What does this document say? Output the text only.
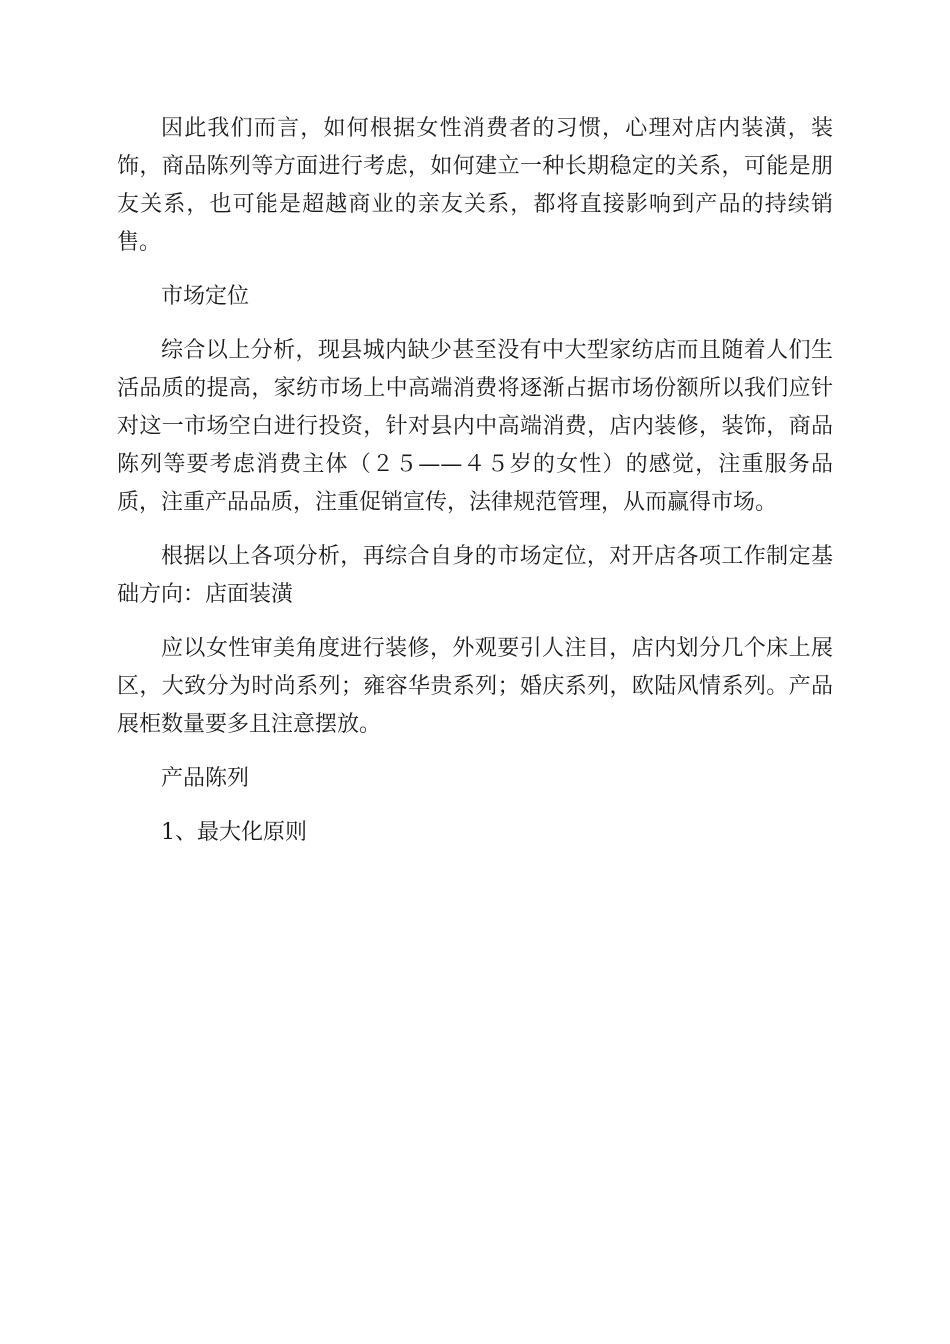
因此我们而言，如何根据女性消费者的习惯，心理对店内装潢，装饰，商品陈列等方面进行考虑，如何建立一种长期稳定的关系，可能是朋友关系，也可能是超越商业的亲友关系，都将直接影响到产品的持续销售。

市场定位

综合以上分析，现县城内缺少甚至没有中大型家纺店而且随着人们生活品质的提高，家纺市场上中高端消费将逐渐占据市场份额所以我们应针对这一市场空白进行投资，针对县内中高端消费，店内装修，装饰，商品陈列等要考虑消费主体（２５——４５岁的女性）的感觉，注重服务品质，注重产品品质，注重促销宣传，法律规范管理，从而赢得市场。

根据以上各项分析，再综合自身的市场定位，对开店各项工作制定基础方向：店面装潢

应以女性审美角度进行装修，外观要引人注目，店内划分几个床上展区，大致分为时尚系列；雍容华贵系列；婚庆系列，欧陆风情系列。产品展柜数量要多且注意摆放。

产品陈列

1、最大化原则
